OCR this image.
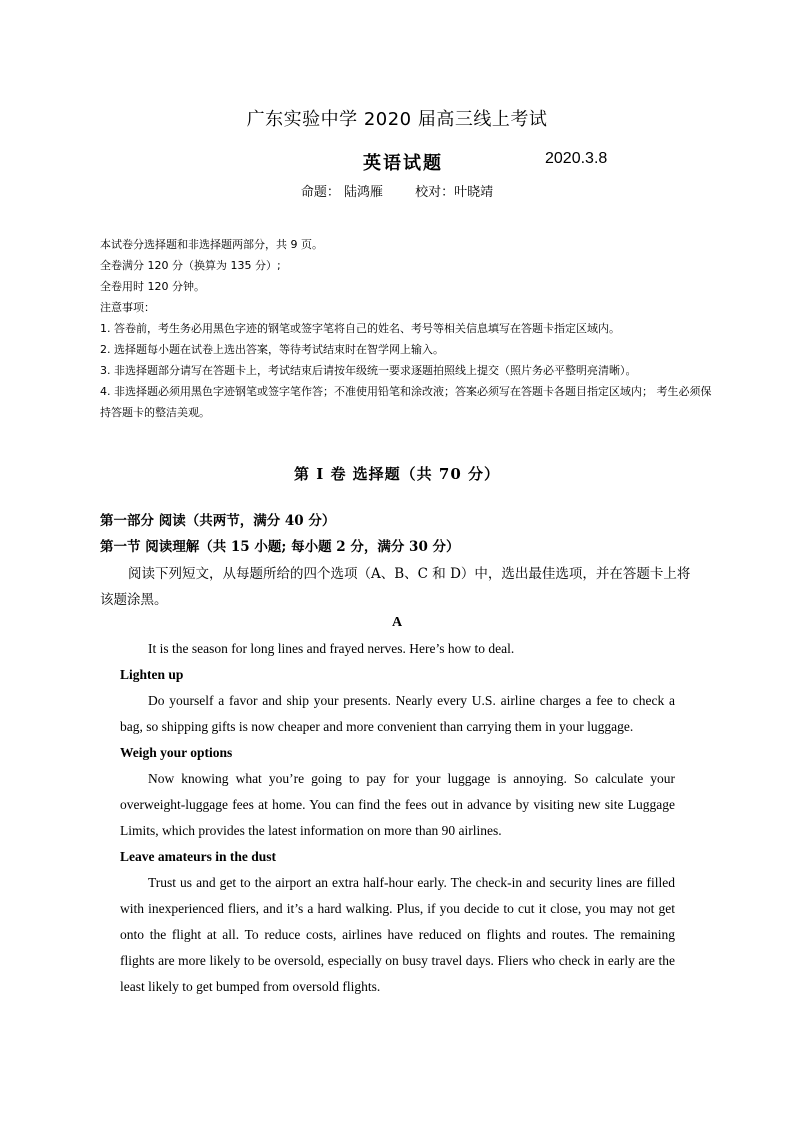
广东实验中学 2020 届高三线上考试
英语试题	2020.3.8
命题： 陆鸿雁 校对：叶晓靖

本试卷分选择题和非选择题两部分，共 9 页。

全卷满分 120 分（换算为 135 分）;

全卷用时 120 分钟。

注意事项：

1. 答卷前，考生务必用黑色字迹的钢笔或签字笔将自己的姓名、考号等相关信息填写在答题卡指定区域内。

2. 选择题每小题在试卷上选出答案，等待考试结束时在智学网上输入。

3. 非选择题部分请写在答题卡上，考试结束后请按年级统一要求逐题拍照线上提交（照片务必平整明亮清晰）。

4. 非选择题必须用黑色字迹钢笔或签字笔作答；不准使用铅笔和涂改液；答案必须写在答题卡各题目指定区域内； 考生必须保持答题卡的整洁美观。

第 I 卷 选择题（共 70 分）
第一部分 阅读（共两节，满分 40 分）
第一节 阅读理解（共 15 小题; 每小题 2 分，满分 30 分）

阅读下列短文，从每题所给的四个选项（A、B、C 和 D）中，选出最佳选项，并在答题卡上将该题涂黑。

A

It is the season for long lines and frayed nerves. Here’s how to deal.

Lighten up

Do yourself a favor and ship your presents. Nearly every U.S. airline charges a fee to check a bag, so shipping gifts is now cheaper and more convenient than carrying them in your luggage.

Weigh your options

Now knowing what you’re going to pay for your luggage is annoying. So calculate your overweight-luggage fees at home. You can find the fees out in advance by visiting new site Luggage Limits, which provides the latest information on more than 90 airlines.

Leave amateurs in the dust

Trust us and get to the airport an extra half-hour early. The check-in and security lines are filled with inexperienced fliers, and it’s a hard walking. Plus, if you decide to cut it close, you may not get onto the flight at all. To reduce costs, airlines have reduced on flights and routes. The remaining flights are more likely to be oversold, especially on busy travel days. Fliers who check in early are the least likely to get bumped from oversold flights.
